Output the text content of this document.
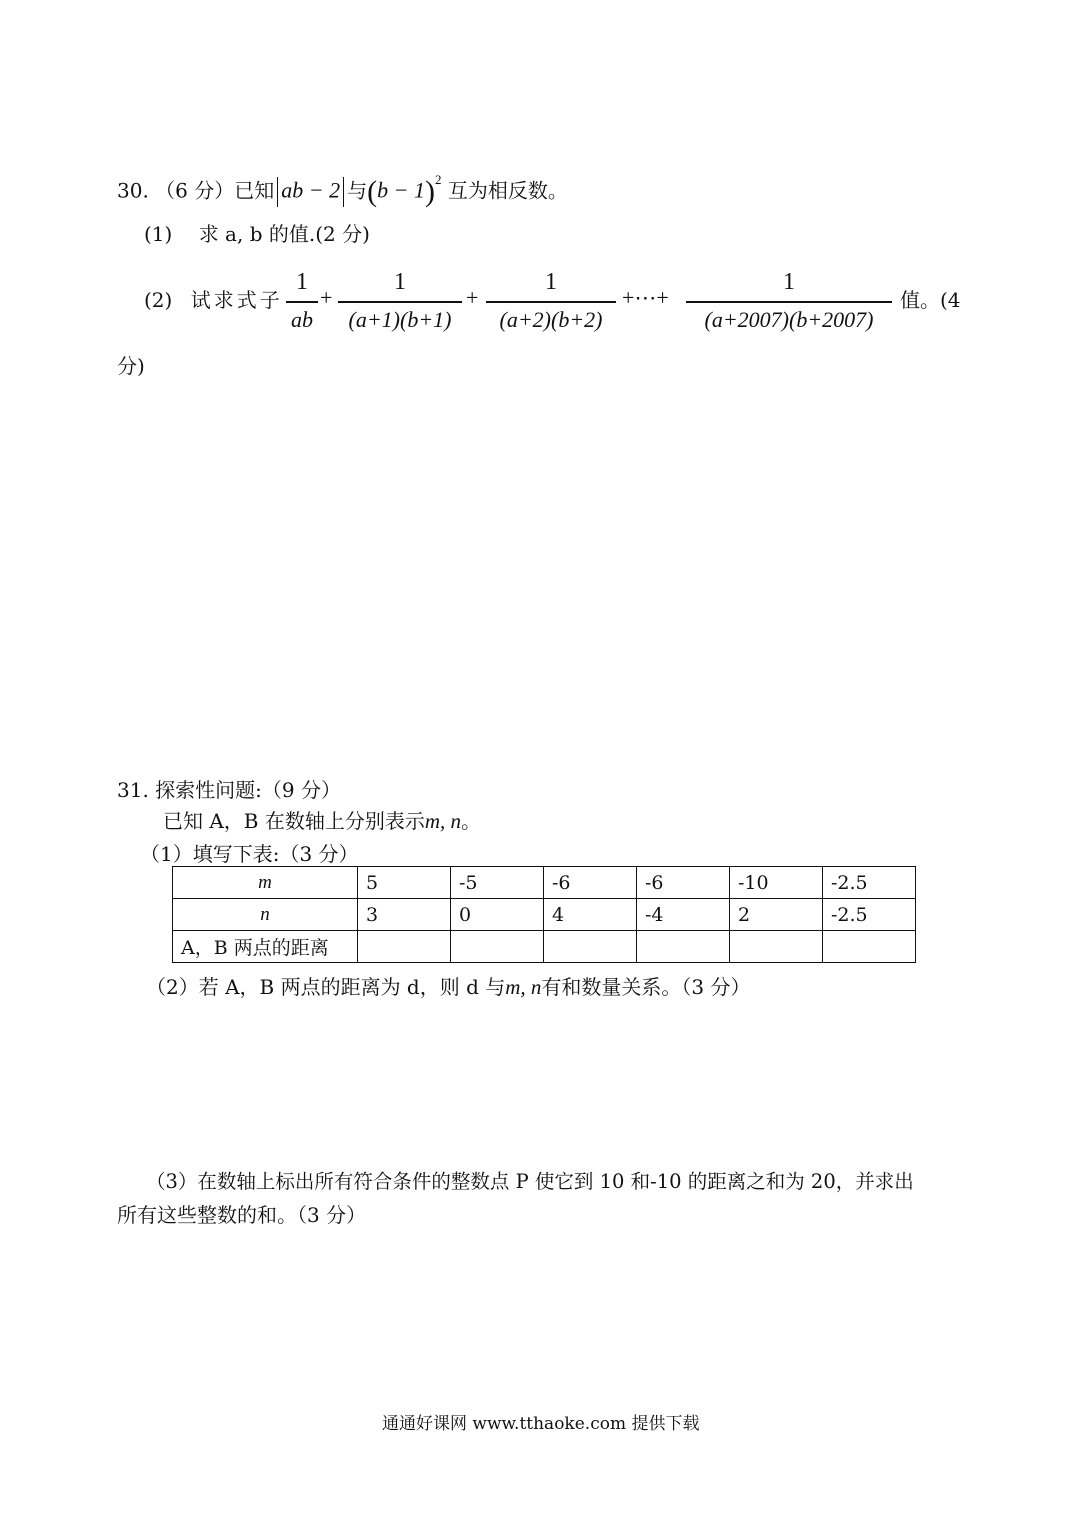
30. （6 分）已知 ab − 2 与$(b - 1)^2$ 互为相反数。
(1) 求 a, b 的值.(2 分)
(2) 试求式子
1
ab
+
1
(a+1)(b+1)
+
1
(a+2)(b+2)
+⋯+
1
(a+2007)(b+2007)
值。(4
分)
31. 探索性问题:（9 分）
已知 A，B 在数轴上分别表示m, n。
（1）填写下表:（3 分）
m	5	-5	-6	-6	-10	-2.5
n	3	0	4	-4	2	-2.5
A，B 两点的距离						
（2）若 A，B 两点的距离为 d，则 d 与m, n有和数量关系。（3 分）
（3）在数轴上标出所有符合条件的整数点 P 使它到 10 和-10 的距离之和为 20，并求出
所有这些整数的和。（3 分）
通通好课网 www.tthaoke.com 提供下载
